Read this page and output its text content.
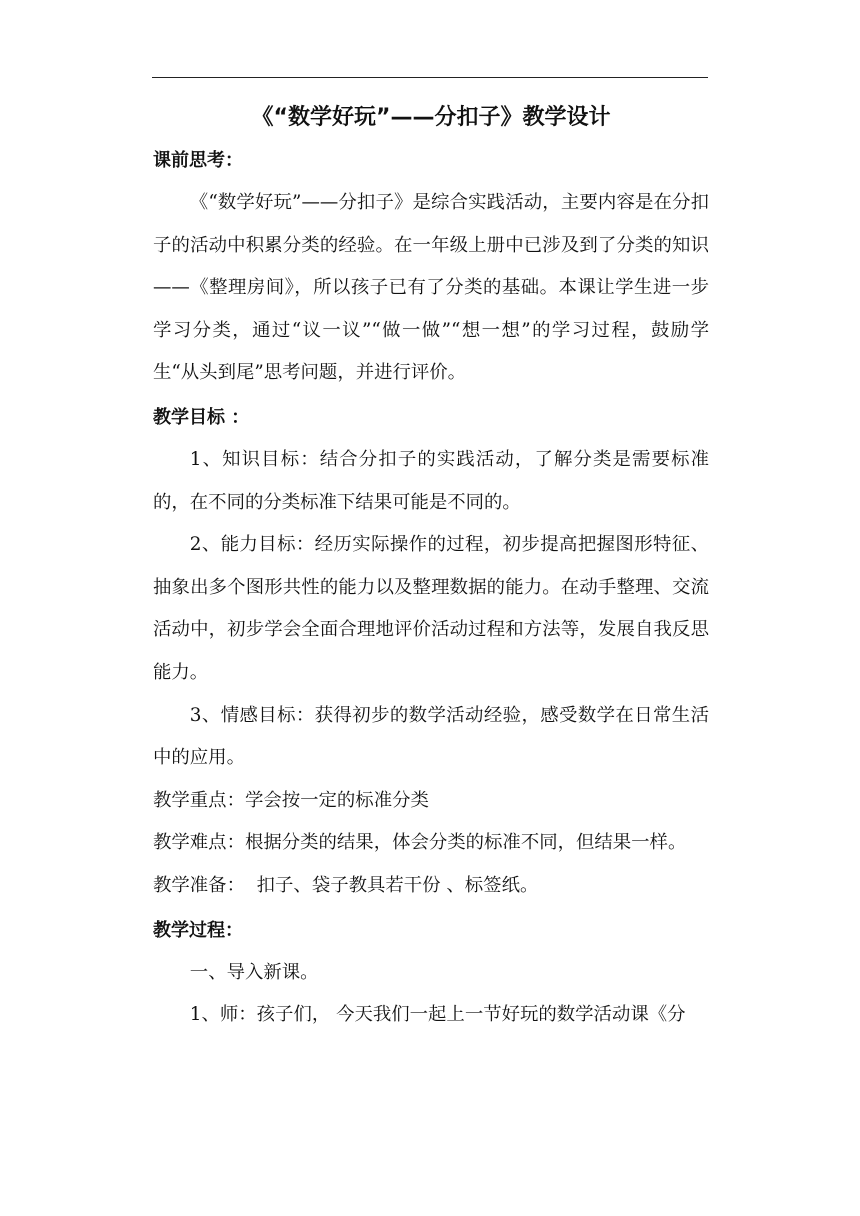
《“数学好玩”——分扣子》教学设计
课前思考：

《“数学好玩”——分扣子》是综合实践活动，主要内容是在分扣子的活动中积累分类的经验。在一年级上册中已涉及到了分类的知识——《整理房间》，所以孩子已有了分类的基础。本课让学生进一步学习分类，通过“议一议”“做一做”“想一想”的学习过程，鼓励学生“从头到尾”思考问题，并进行评价。

教学目标 ：

1、知识目标：结合分扣子的实践活动，了解分类是需要标准的，在不同的分类标准下结果可能是不同的。

2、能力目标：经历实际操作的过程，初步提高把握图形特征、抽象出多个图形共性的能力以及整理数据的能力。在动手整理、交流活动中，初步学会全面合理地评价活动过程和方法等，发展自我反思能力。

3、情感目标：获得初步的数学活动经验，感受数学在日常生活中的应用。

教学重点：学会按一定的标准分类

教学难点：根据分类的结果，体会分类的标准不同，但结果一样。

教学准备：  扣子、袋子教具若干份 、标签纸。

教学过程：

一、导入新课。

1、师：孩子们， 今天我们一起上一节好玩的数学活动课《分
